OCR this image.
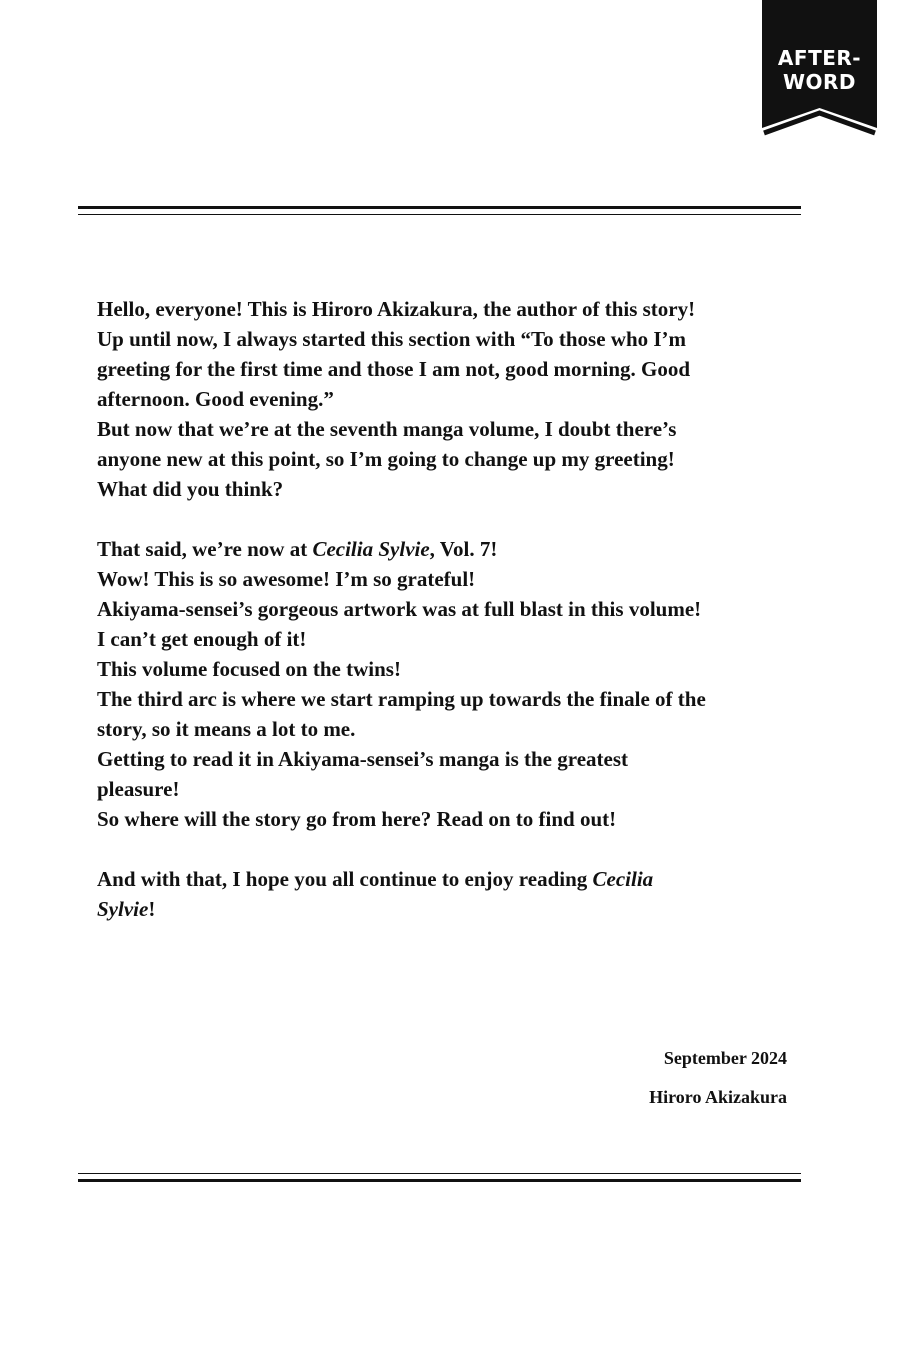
AFTER-
WORD
Hello, everyone! This is Hiroro Akizakura, the author of this story!
Up until now, I always started this section with “To those who I’m
greeting for the first time and those I am not, good morning. Good
afternoon. Good evening.”
But now that we’re at the seventh manga volume, I doubt there’s
anyone new at this point, so I’m going to change up my greeting!
What did you think?
That said, we’re now at Cecilia Sylvie, Vol. 7!
Wow! This is so awesome! I’m so grateful!
Akiyama-sensei’s gorgeous artwork was at full blast in this volume!
I can’t get enough of it!
This volume focused on the twins!
The third arc is where we start ramping up towards the finale of the
story, so it means a lot to me.
Getting to read it in Akiyama-sensei’s manga is the greatest
pleasure!
So where will the story go from here? Read on to find out!
And with that, I hope you all continue to enjoy reading Cecilia
Sylvie!
September 2024
Hiroro Akizakura
